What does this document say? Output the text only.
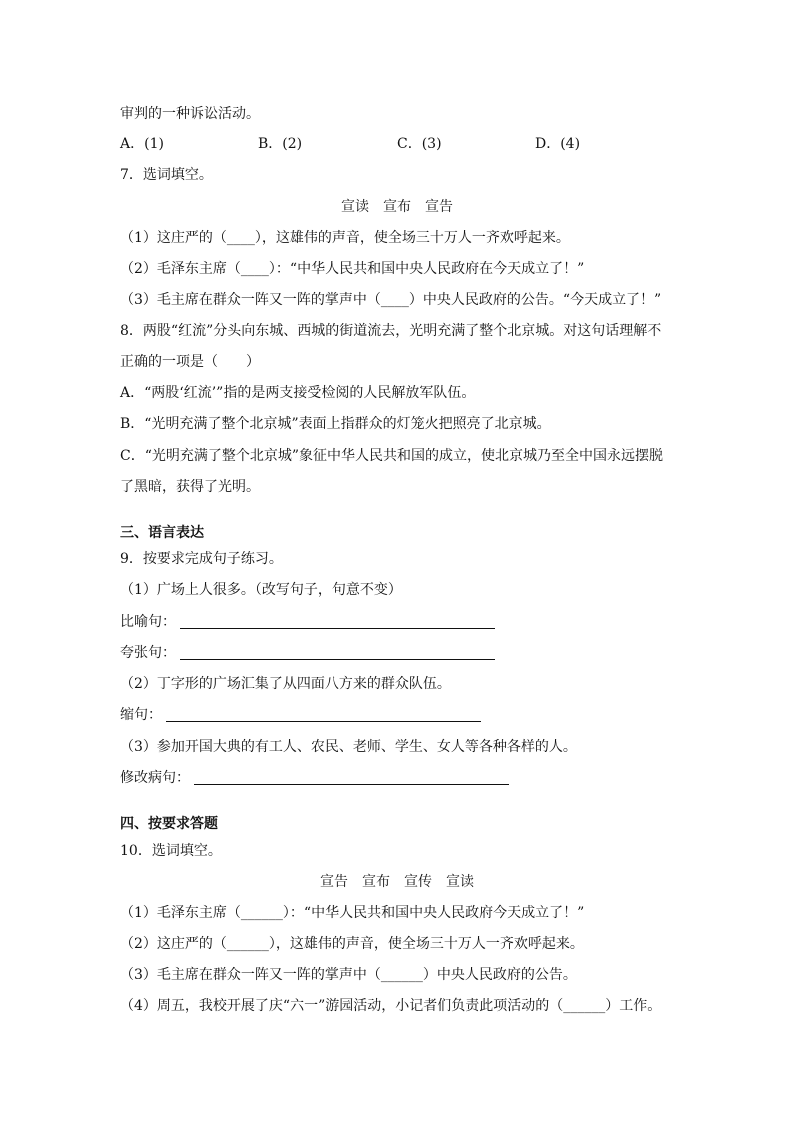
审判的一种诉讼活动。
A．(1)	B．(2)	C．(3)	D．(4)
7．选词填空。
宣读　宣布　宣告
（1）这庄严的（____），这雄伟的声音，使全场三十万人一齐欢呼起来。
（2）毛泽东主席（____）：“中华人民共和国中央人民政府在今天成立了！”
（3）毛主席在群众一阵又一阵的掌声中（____）中央人民政府的公告。“今天成立了！”
8．两股“红流”分头向东城、西城的街道流去，光明充满了整个北京城。对这句话理解不
正确的一项是（　　）
A．“两股‘红流’”指的是两支接受检阅的人民解放军队伍。
B．“光明充满了整个北京城”表面上指群众的灯笼火把照亮了北京城。
C．“光明充满了整个北京城”象征中华人民共和国的成立，使北京城乃至全中国永远摆脱
了黑暗，获得了光明。
三、语言表达
9．按要求完成句子练习。
（1）广场上人很多。（改写句子，句意不变）
比喻句：
夸张句：
（2）丁字形的广场汇集了从四面八方来的群众队伍。
缩句：
（3）参加开国大典的有工人、农民、老师、学生、女人等各种各样的人。
修改病句：
四、按要求答题
10．选词填空。
宣告　宣布　宣传　宣读
（1）毛泽东主席（______）：“中华人民共和国中央人民政府今天成立了！”
（2）这庄严的（______），这雄伟的声音，使全场三十万人一齐欢呼起来。
（3）毛主席在群众一阵又一阵的掌声中（______）中央人民政府的公告。
（4）周五，我校开展了庆“六一”游园活动，小记者们负责此项活动的（______）工作。
